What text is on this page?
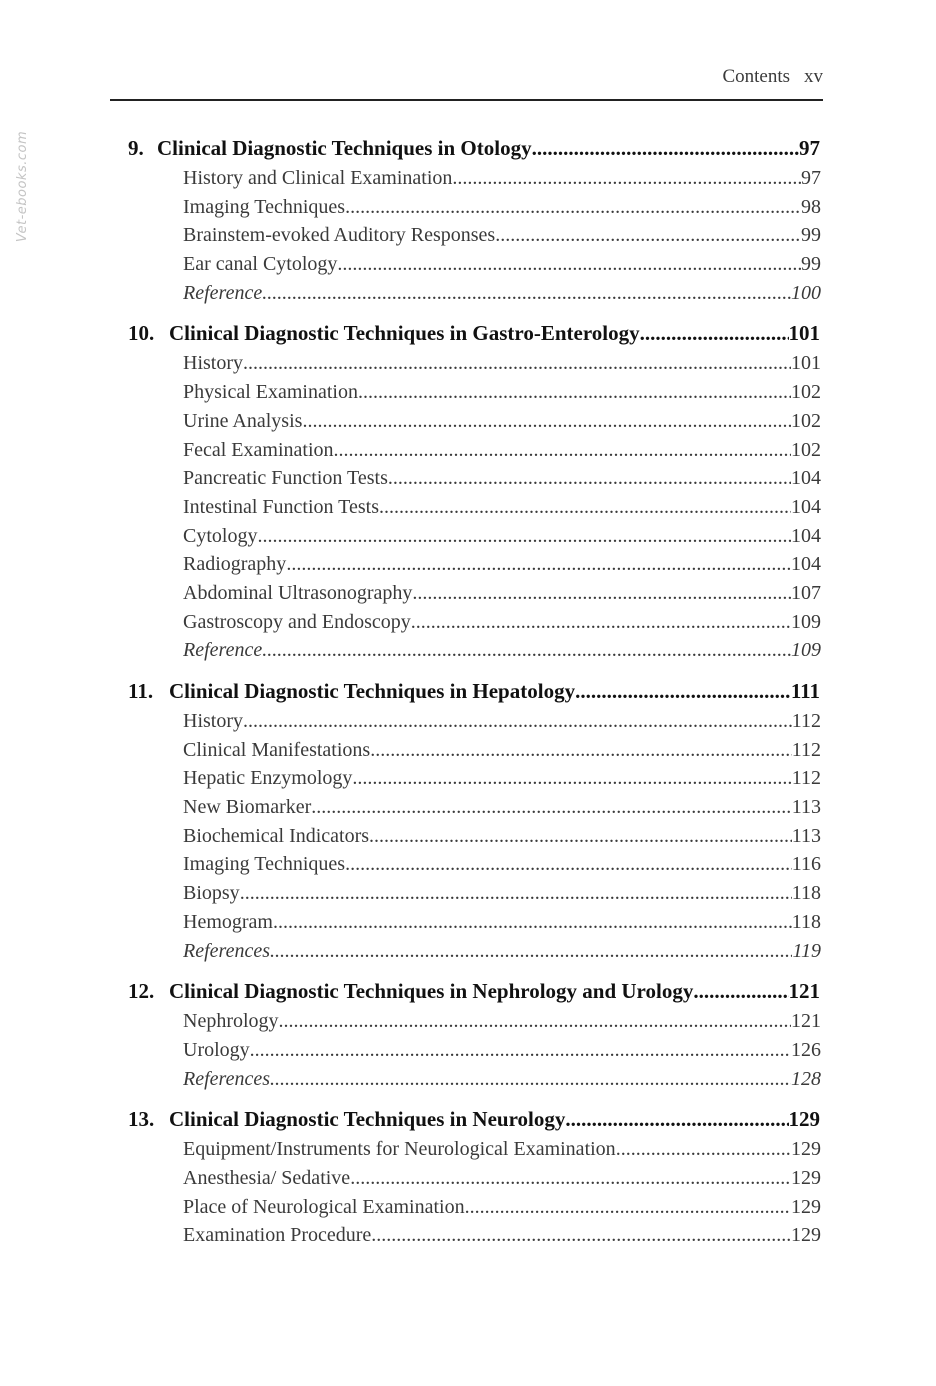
Contents xv
Vet-ebooks.com	9. Clinical Diagnostic Techniques in Otology .....	97
History and Clinical Examination .....	97
Imaging Techniques .....	98
Brainstem-evoked Auditory Responses .....	99
Ear canal Cytology .....	99
Reference .....	100
10. Clinical Diagnostic Techniques in Gastro-Enterology .....	101
History .....	101
Physical Examination .....	102
Urine Analysis .....	102
Fecal Examination .....	102
Pancreatic Function Tests .....	104
Intestinal Function Tests .....	104
Cytology .....	104
Radiography .....	104
Abdominal Ultrasonography .....	107
Gastroscopy and Endoscopy .....	109
Reference .....	109
11. Clinical Diagnostic Techniques in Hepatology .....	111
History .....	112
Clinical Manifestations .....	112
Hepatic Enzymology .....	112
New Biomarker .....	113
Biochemical Indicators .....	113
Imaging Techniques .....	116
Biopsy .....	118
Hemogram .....	118
References .....	119
12. Clinical Diagnostic Techniques in Nephrology and Urology .....	121
Nephrology .....	121
Urology .....	126
References .....	128
13. Clinical Diagnostic Techniques in Neurology .....	129
Equipment/Instruments for Neurological Examination .....	129
Anesthesia/ Sedative .....	129
Place of Neurological Examination .....	129
Examination Procedure .....	129
